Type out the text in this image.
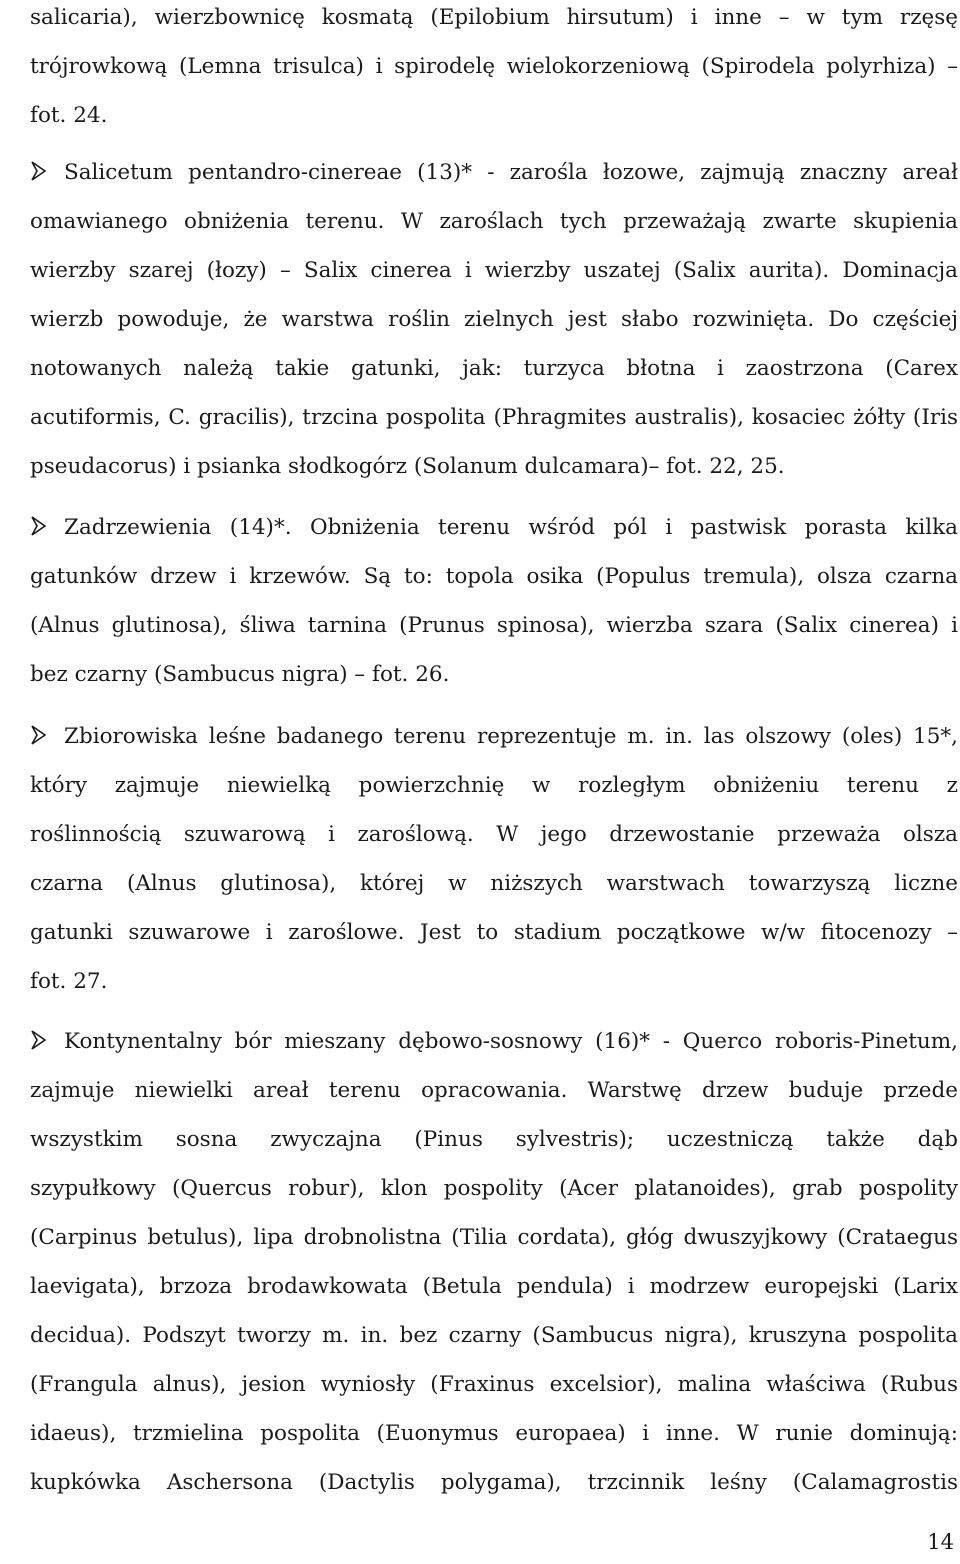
salicaria), wierzbownicę kosmatą (Epilobium hirsutum) i inne – w tym rzęsę
trójrowkową (Lemna trisulca) i spirodelę wielokorzeniową (Spirodela polyrhiza) –
fot. 24.
Salicetum pentandro-cinereae (13)* - zarośla łozowe, zajmują znaczny areał
omawianego obniżenia terenu. W zaroślach tych przeważają zwarte skupienia
wierzby szarej (łozy) – Salix cinerea i wierzby uszatej (Salix aurita). Dominacja
wierzb powoduje, że warstwa roślin zielnych jest słabo rozwinięta. Do częściej
notowanych należą takie gatunki, jak: turzyca błotna i zaostrzona (Carex
acutiformis, C. gracilis), trzcina pospolita (Phragmites australis), kosaciec żółty (Iris
pseudacorus) i psianka słodkogórz (Solanum dulcamara)– fot. 22, 25.
Zadrzewienia (14)*. Obniżenia terenu wśród pól i pastwisk porasta kilka
gatunków drzew i krzewów. Są to: topola osika (Populus tremula), olsza czarna
(Alnus glutinosa), śliwa tarnina (Prunus spinosa), wierzba szara (Salix cinerea) i
bez czarny (Sambucus nigra) – fot. 26.
Zbiorowiska leśne badanego terenu reprezentuje m. in. las olszowy (oles) 15*,
który zajmuje niewielką powierzchnię w rozległym obniżeniu terenu z
roślinnością szuwarową i zaroślową. W jego drzewostanie przeważa olsza
czarna (Alnus glutinosa), której w niższych warstwach towarzyszą liczne
gatunki szuwarowe i zaroślowe. Jest to stadium początkowe w/w fitocenozy –
fot. 27.
Kontynentalny bór mieszany dębowo-sosnowy (16)* - Querco roboris-Pinetum,
zajmuje niewielki areał terenu opracowania. Warstwę drzew buduje przede
wszystkim sosna zwyczajna (Pinus sylvestris); uczestniczą także dąb
szypułkowy (Quercus robur), klon pospolity (Acer platanoides), grab pospolity
(Carpinus betulus), lipa drobnolistna (Tilia cordata), głóg dwuszyjkowy (Crataegus
laevigata), brzoza brodawkowata (Betula pendula) i modrzew europejski (Larix
decidua). Podszyt tworzy m. in. bez czarny (Sambucus nigra), kruszyna pospolita
(Frangula alnus), jesion wyniosły (Fraxinus excelsior), malina właściwa (Rubus
idaeus), trzmielina pospolita (Euonymus europaea) i inne. W runie dominują:
kupkówka Aschersona (Dactylis polygama), trzcinnik leśny (Calamagrostis
14
